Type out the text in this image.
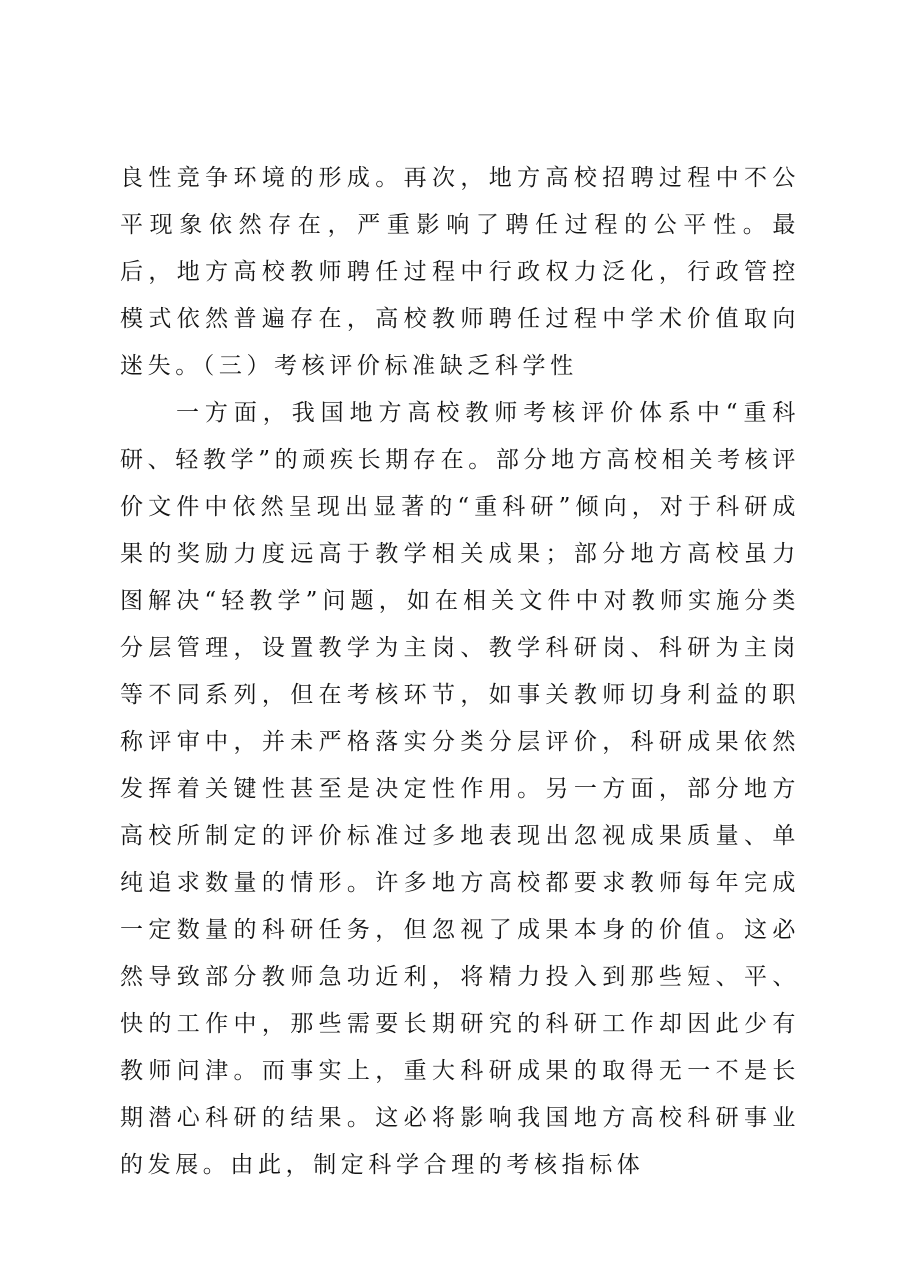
良性竞争环境的形成。再次，地方高校招聘过程中不公平现象依然存在，严重影响了聘任过程的公平性。最后，地方高校教师聘任过程中行政权力泛化，行政管控模式依然普遍存在，高校教师聘任过程中学术价值取向迷失。（三）考核评价标准缺乏科学性

一方面，我国地方高校教师考核评价体系中“重科研、轻教学”的顽疾长期存在。部分地方高校相关考核评价文件中依然呈现出显著的“重科研”倾向，对于科研成果的奖励力度远高于教学相关成果；部分地方高校虽力图解决“轻教学”问题，如在相关文件中对教师实施分类分层管理，设置教学为主岗、教学科研岗、科研为主岗等不同系列，但在考核环节，如事关教师切身利益的职称评审中，并未严格落实分类分层评价，科研成果依然发挥着关键性甚至是决定性作用。另一方面，部分地方高校所制定的评价标准过多地表现出忽视成果质量、单纯追求数量的情形。许多地方高校都要求教师每年完成一定数量的科研任务，但忽视了成果本身的价值。这必然导致部分教师急功近利，将精力投入到那些短、平、快的工作中，那些需要长期研究的科研工作却因此少有教师问津。而事实上，重大科研成果的取得无一不是长期潜心科研的结果。这必将影响我国地方高校科研事业的发展。由此，制定科学合理的考核指标体
